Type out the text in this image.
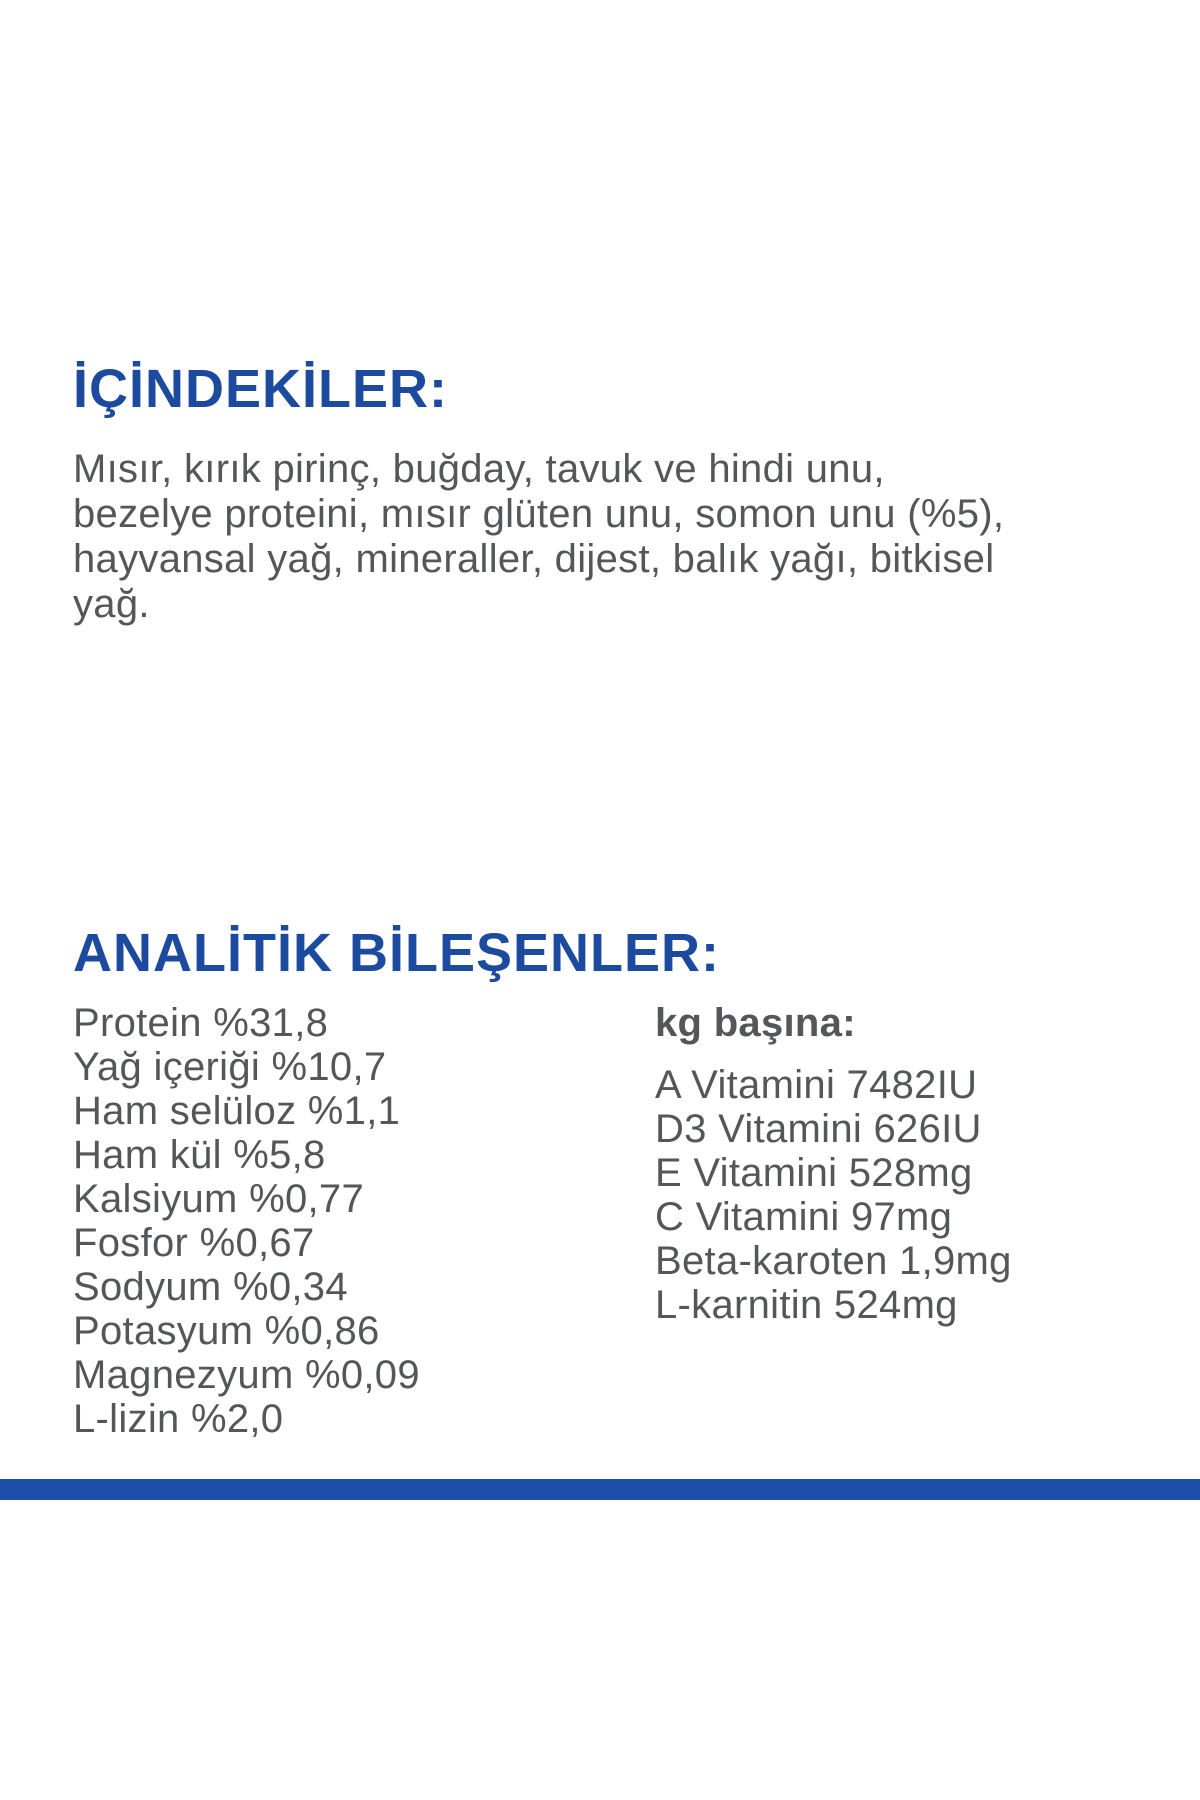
İÇİNDEKİLER:
Mısır, kırık pirinç, buğday, tavuk ve hindi unu,
bezelye proteini, mısır glüten unu, somon unu (%5),
hayvansal yağ, mineraller, dijest, balık yağı, bitkisel
yağ.
ANALİTİK BİLEŞENLER:
Protein %31,8
Yağ içeriği %10,7
Ham selüloz %1,1
Ham kül %5,8
Kalsiyum %0,77
Fosfor %0,67
Sodyum %0,34
Potasyum %0,86
Magnezyum %0,09
L-lizin %2,0
kg başına:
A Vitamini 7482IU
D3 Vitamini 626IU
E Vitamini 528mg
C Vitamini 97mg
Beta-karoten 1,9mg
L-karnitin 524mg
